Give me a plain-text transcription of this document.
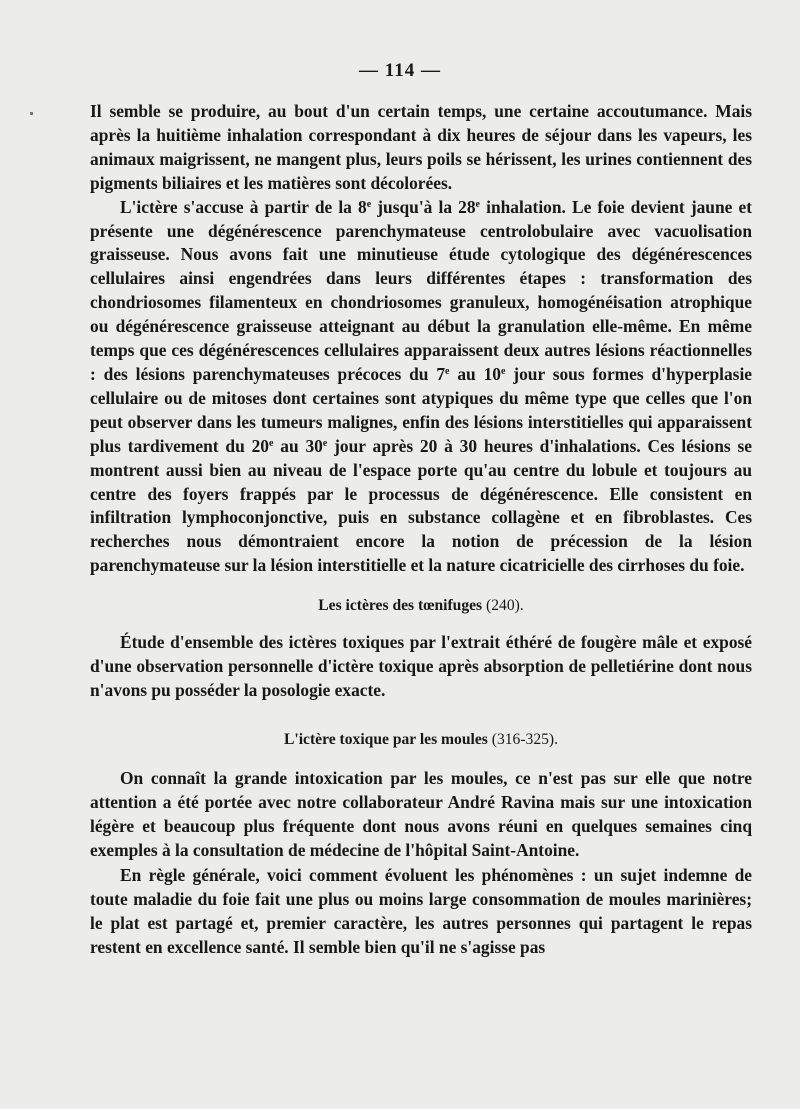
— 114 —

Il semble se produire, au bout d'un certain temps, une certaine accoutumance. Mais après la huitième inhalation correspondant à dix heures de séjour dans les vapeurs, les animaux maigrissent, ne mangent plus, leurs poils se hérissent, les urines contiennent des pigments biliaires et les matières sont décolorées.

L'ictère s'accuse à partir de la 8e jusqu'à la 28e inhalation. Le foie devient jaune et présente une dégénérescence parenchymateuse centrolobulaire avec vacuolisation graisseuse. Nous avons fait une minutieuse étude cytologique des dégénérescences cellulaires ainsi engendrées dans leurs différentes étapes : transformation des chondriosomes filamenteux en chondriosomes granuleux, homogénéisation atrophique ou dégénérescence graisseuse atteignant au début la granulation elle-même. En même temps que ces dégénérescences cellulaires apparaissent deux autres lésions réactionnelles : des lésions parenchymateuses précoces du 7e au 10e jour sous formes d'hyperplasie cellulaire ou de mitoses dont certaines sont atypiques du même type que celles que l'on peut observer dans les tumeurs malignes, enfin des lésions interstitielles qui apparaissent plus tardivement du 20e au 30e jour après 20 à 30 heures d'inhalations. Ces lésions se montrent aussi bien au niveau de l'espace porte qu'au centre du lobule et toujours au centre des foyers frappés par le processus de dégénérescence. Elle consistent en infiltration lymphoconjonctive, puis en substance collagène et en fibroblastes. Ces recherches nous démontraient encore la notion de précession de la lésion parenchymateuse sur la lésion interstitielle et la nature cicatricielle des cirrhoses du foie.

Les ictères des tœnifuges (240).

Étude d'ensemble des ictères toxiques par l'extrait éthéré de fougère mâle et exposé d'une observation personnelle d'ictère toxique après absorption de pelletiérine dont nous n'avons pu posséder la posologie exacte.

L'ictère toxique par les moules (316-325).

On connaît la grande intoxication par les moules, ce n'est pas sur elle que notre attention a été portée avec notre collaborateur André Ravina mais sur une intoxication légère et beaucoup plus fréquente dont nous avons réuni en quelques semaines cinq exemples à la consultation de médecine de l'hôpital Saint-Antoine.

En règle générale, voici comment évoluent les phénomènes : un sujet indemne de toute maladie du foie fait une plus ou moins large consommation de moules marinières; le plat est partagé et, premier caractère, les autres personnes qui partagent le repas restent en excellence santé. Il semble bien qu'il ne s'agisse pas
